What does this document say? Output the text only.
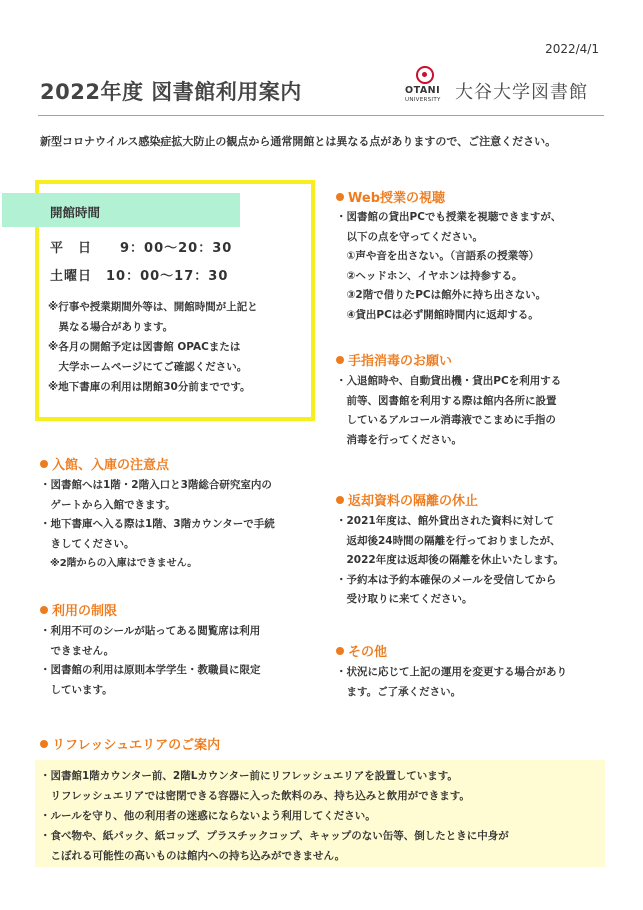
2022/4/1
2022年度 図書館利用案内	OTANI
UNIVERSITY 大谷大学図書館
新型コロナウイルス感染症拡大防止の観点から通常開館とは異なる点がありますので、ご注意ください。
開館時間
平　日　　9：00〜20：30
土曜日　10：00〜17：30
※行事や授業期間外等は、開館時間が上記と
　異なる場合があります。
※各月の開館予定は図書館 OPACまたは
　大学ホームページにてご確認ください。
※地下書庫の利用は閉館30分前までです。
入館、入庫の注意点
・図書館へは1階・2階入口と3階総合研究室内の
　ゲートから入館できます。
・地下書庫へ入る際は1階、3階カウンターで手続
　きしてください。
　※2階からの入庫はできません。
利用の制限
・利用不可のシールが貼ってある閲覧席は利用
　できません。
・図書館の利用は原則本学学生・教職員に限定
　しています。
Web授業の視聴
・図書館の貸出PCでも授業を視聴できますが、
　以下の点を守ってください。
　①声や音を出さない。（言語系の授業等）
　②ヘッドホン、イヤホンは持参する。
　③2階で借りたPCは館外に持ち出さない。
　④貸出PCは必ず開館時間内に返却する。
手指消毒のお願い
・入退館時や、自動貸出機・貸出PCを利用する
　前等、図書館を利用する際は館内各所に設置
　しているアルコール消毒液でこまめに手指の
　消毒を行ってください。
返却資料の隔離の休止
・2021年度は、館外貸出された資料に対して
　返却後24時間の隔離を行っておりましたが、
　2022年度は返却後の隔離を休止いたします。
・予約本は予約本確保のメールを受信してから
　受け取りに来てください。
その他
・状況に応じて上記の運用を変更する場合があり
　ます。ご了承ください。
リフレッシュエリアのご案内
・図書館1階カウンター前、2階Lカウンター前にリフレッシュエリアを設置しています。
　リフレッシュエリアでは密閉できる容器に入った飲料のみ、持ち込みと飲用ができます。
・ルールを守り、他の利用者の迷惑にならないよう利用してください。
・食べ物や、紙パック、紙コップ、プラスチックコップ、キャップのない缶等、倒したときに中身が
　こぼれる可能性の高いものは館内への持ち込みができません。
